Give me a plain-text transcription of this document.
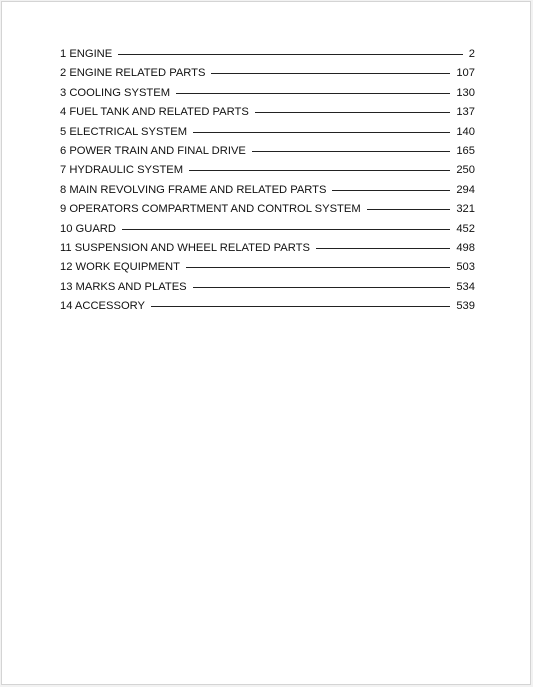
1 ENGINE	2
2 ENGINE RELATED PARTS	107
3 COOLING SYSTEM	130
4 FUEL TANK AND RELATED PARTS	137
5 ELECTRICAL SYSTEM	140
6 POWER TRAIN AND FINAL DRIVE	165
7 HYDRAULIC SYSTEM	250
8 MAIN REVOLVING FRAME AND RELATED PARTS	294
9 OPERATORS COMPARTMENT AND CONTROL SYSTEM	321
10 GUARD	452
11 SUSPENSION AND WHEEL RELATED PARTS	498
12 WORK EQUIPMENT	503
13 MARKS AND PLATES	534
14 ACCESSORY	539
